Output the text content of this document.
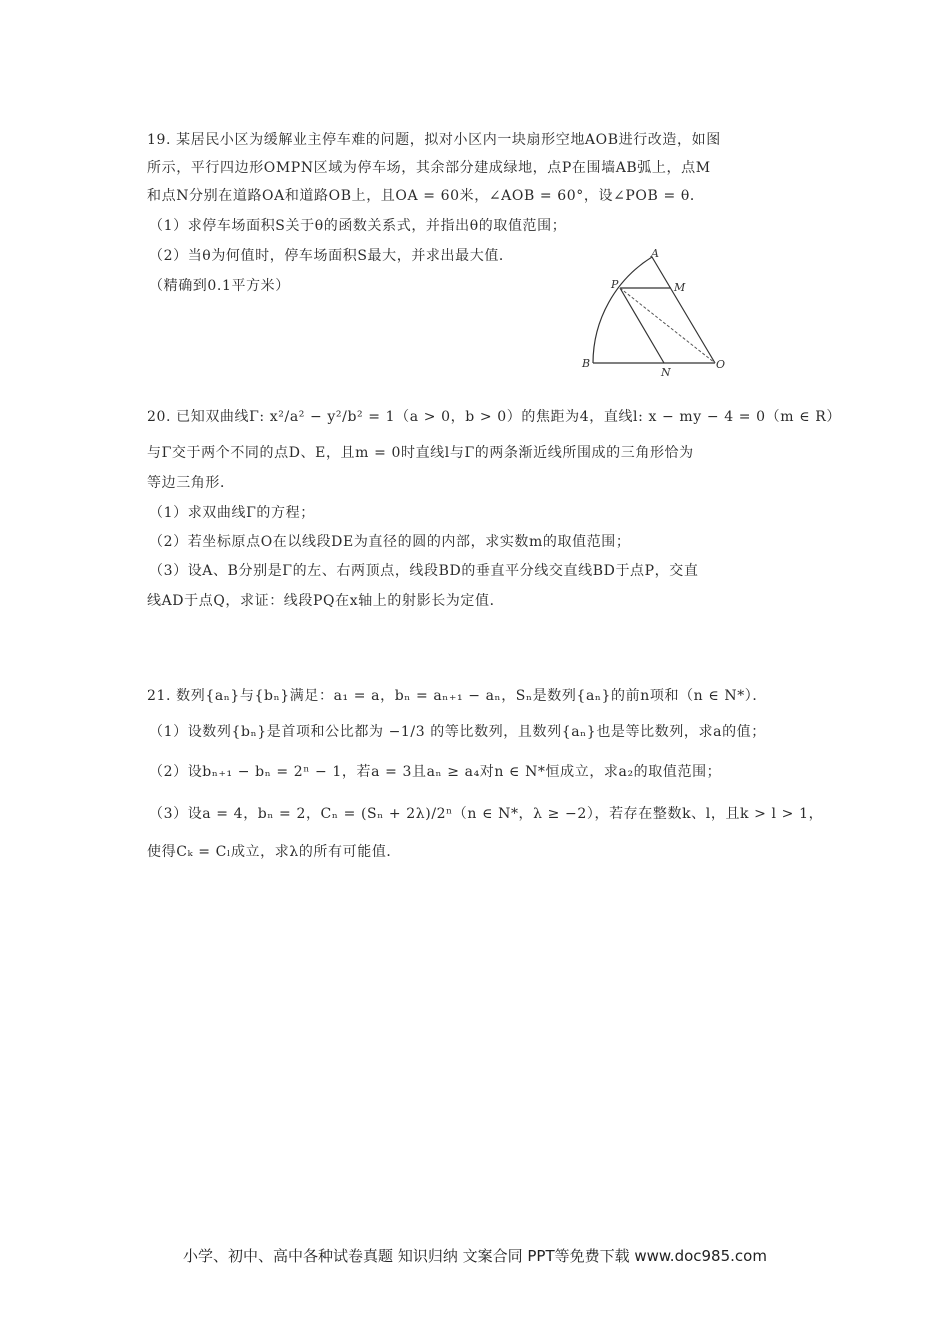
19. 某居民小区为缓解业主停车难的问题，拟对小区内一块扇形空地AOB进行改造，如图
所示，平行四边形OMPN区域为停车场，其余部分建成绿地，点P在围墙AB弧上，点M
和点N分别在道路OA和道路OB上，且OA = 60米，∠AOB = 60°，设∠POB = θ．
（1）求停车场面积S关于θ的函数关系式，并指出θ的取值范围；
（2）当θ为何值时，停车场面积S最大，并求出最大值．
（精确到0.1平方米）
A
P	M
B
N
O
20. 已知双曲线Γ: x²/a² − y²/b² = 1（a > 0，b > 0）的焦距为4，直线l: x − my − 4 = 0（m ∈ R）
与Γ交于两个不同的点D、E，且m = 0时直线l与Γ的两条渐近线所围成的三角形恰为
等边三角形．
（1）求双曲线Γ的方程；
（2）若坐标原点O在以线段DE为直径的圆的内部，求实数m的取值范围；
（3）设A、B分别是Γ的左、右两顶点，线段BD的垂直平分线交直线BD于点P，交直
线AD于点Q，求证：线段PQ在x轴上的射影长为定值．
21. 数列{aₙ}与{bₙ}满足：a₁ = a，bₙ = aₙ₊₁ − aₙ，Sₙ是数列{aₙ}的前n项和（n ∈ N*）．
（1）设数列{bₙ}是首项和公比都为 −1/3 的等比数列，且数列{aₙ}也是等比数列，求a的值；
（2）设bₙ₊₁ − bₙ = 2ⁿ − 1，若a = 3且aₙ ≥ a₄对n ∈ N*恒成立，求a₂的取值范围；
（3）设a = 4，bₙ = 2，Cₙ = (Sₙ + 2λ)/2ⁿ（n ∈ N*，λ ≥ −2），若存在整数k、l，且k > l > 1，
使得Cₖ = Cₗ成立，求λ的所有可能值．
小学、初中、高中各种试卷真题 知识归纳 文案合同 PPT等免费下载 www.doc985.com
